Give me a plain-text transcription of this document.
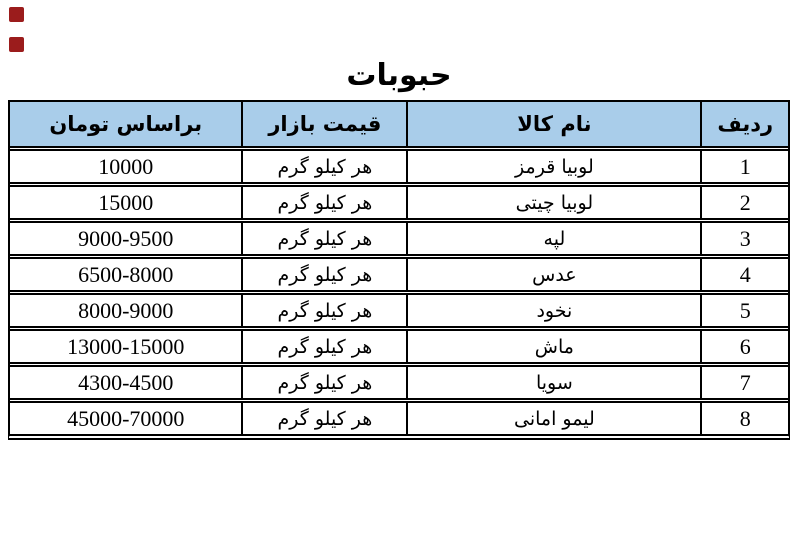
حبوبات
ردیف
نام کالا
قیمت بازار
براساس تومان
1
لوبیا قرمز
هر کیلو گرم
10000
2
لوبیا چیتی
هر کیلو گرم
15000
3
لپه
هر کیلو گرم
9000-9500
4
عدس
هر کیلو گرم
6500-8000
5
نخود
هر کیلو گرم
8000-9000
6
ماش
هر کیلو گرم
13000-15000
7
سویا
هر کیلو گرم
4300-4500
8
لیمو امانی
هر کیلو گرم
45000-70000
